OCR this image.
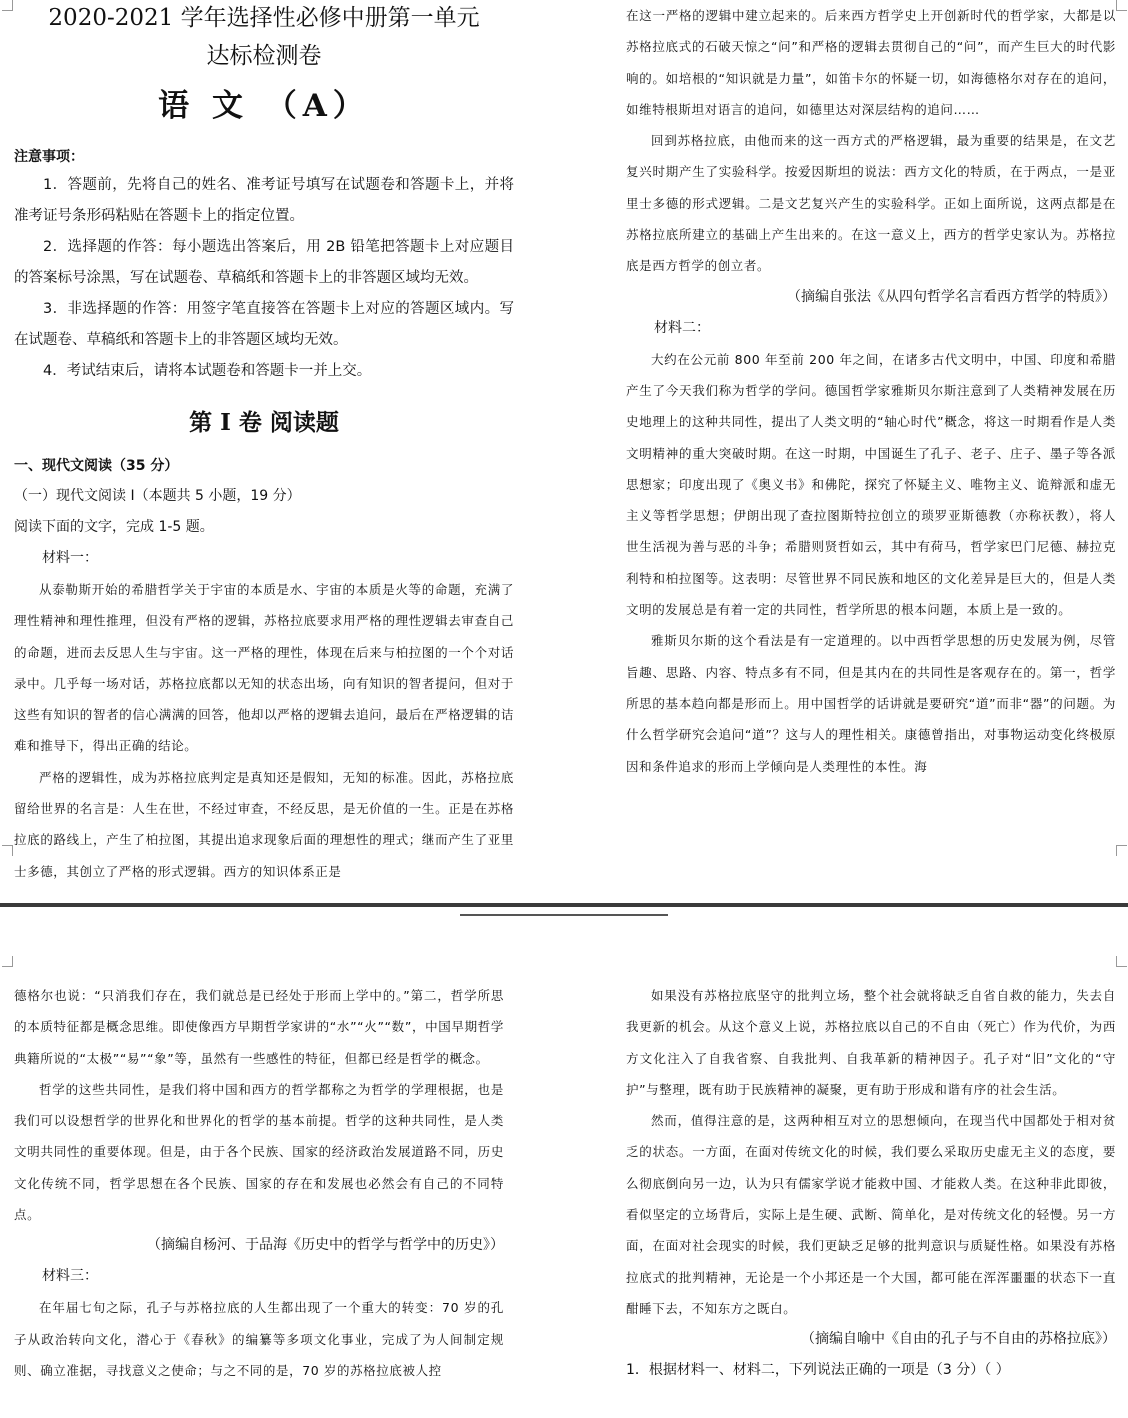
2020-2021 学年选择性必修中册第一单元

达标检测卷

语 文 （A）

注意事项：

1．答题前，先将自己的姓名、准考证号填写在试题卷和答题卡上，并将准考证号条形码粘贴在答题卡上的指定位置。

2．选择题的作答：每小题选出答案后，用 2B 铅笔把答题卡上对应题目的答案标号涂黑，写在试题卷、草稿纸和答题卡上的非答题区域均无效。

3．非选择题的作答：用签字笔直接答在答题卡上对应的答题区域内。写在试题卷、草稿纸和答题卡上的非答题区域均无效。

4．考试结束后，请将本试题卷和答题卡一并上交。

第 I 卷 阅读题

一、现代文阅读（35 分）

（一）现代文阅读 I（本题共 5 小题，19 分）

阅读下面的文字，完成 1-5 题。

材料一：

从泰勒斯开始的希腊哲学关于宇宙的本质是水、宇宙的本质是火等的命题，充满了理性精神和理性推理，但没有严格的逻辑，苏格拉底要求用严格的理性逻辑去审查自己的命题，进而去反思人生与宇宙。这一严格的理性，体现在后来与柏拉图的一个个对话录中。几乎每一场对话，苏格拉底都以无知的状态出场，向有知识的智者提问，但对于这些有知识的智者的信心满满的回答，他却以严格的逻辑去追问，最后在严格逻辑的诘难和推导下，得出正确的结论。

严格的逻辑性，成为苏格拉底判定是真知还是假知，无知的标准。因此，苏格拉底留给世界的名言是：人生在世，不经过审查，不经反思，是无价值的一生。正是在苏格拉底的路线上，产生了柏拉图，其提出追求现象后面的理想性的理式；继而产生了亚里士多德，其创立了严格的形式逻辑。西方的知识体系正是

在这一严格的逻辑中建立起来的。后来西方哲学史上开创新时代的哲学家，大都是以苏格拉底式的石破天惊之“问”和严格的逻辑去贯彻自己的“问”，而产生巨大的时代影响的。如培根的“知识就是力量”，如笛卡尔的怀疑一切，如海德格尔对存在的追问，如维特根斯坦对语言的追问，如德里达对深层结构的追问……

回到苏格拉底，由他而来的这一西方式的严格逻辑，最为重要的结果是，在文艺复兴时期产生了实验科学。按爱因斯坦的说法：西方文化的特质，在于两点，一是亚里士多德的形式逻辑。二是文艺复兴产生的实验科学。正如上面所说，这两点都是在苏格拉底所建立的基础上产生出来的。在这一意义上，西方的哲学史家认为。苏格拉底是西方哲学的创立者。

（摘编自张法《从四句哲学名言看西方哲学的特质》）

材料二：

大约在公元前 800 年至前 200 年之间，在诸多古代文明中，中国、印度和希腊产生了今天我们称为哲学的学问。德国哲学家雅斯贝尔斯注意到了人类精神发展在历史地理上的这种共同性，提出了人类文明的“轴心时代”概念，将这一时期看作是人类文明精神的重大突破时期。在这一时期，中国诞生了孔子、老子、庄子、墨子等各派思想家；印度出现了《奥义书》和佛陀，探究了怀疑主义、唯物主义、诡辩派和虚无主义等哲学思想；伊朗出现了查拉图斯特拉创立的琐罗亚斯德教（亦称祆教），将人世生活视为善与恶的斗争；希腊则贤哲如云，其中有荷马，哲学家巴门尼德、赫拉克利特和柏拉图等。这表明：尽管世界不同民族和地区的文化差异是巨大的，但是人类文明的发展总是有着一定的共同性，哲学所思的根本问题，本质上是一致的。

雅斯贝尔斯的这个看法是有一定道理的。以中西哲学思想的历史发展为例，尽管旨趣、思路、内容、特点多有不同，但是其内在的共同性是客观存在的。第一，哲学所思的基本趋向都是形而上。用中国哲学的话讲就是要研究“道”而非“器”的问题。为什么哲学研究会追问“道”？这与人的理性相关。康德曾指出，对事物运动变化终极原因和条件追求的形而上学倾向是人类理性的本性。海

德格尔也说：“只消我们存在，我们就总是已经处于形而上学中的。”第二，哲学所思的本质特征都是概念思维。即使像西方早期哲学家讲的“水”“火”“数”，中国早期哲学典籍所说的“太极”“易”“象”等，虽然有一些感性的特征，但都已经是哲学的概念。

哲学的这些共同性，是我们将中国和西方的哲学都称之为哲学的学理根据，也是我们可以设想哲学的世界化和世界化的哲学的基本前提。哲学的这种共同性，是人类文明共同性的重要体现。但是，由于各个民族、国家的经济政治发展道路不同，历史文化传统不同，哲学思想在各个民族、国家的存在和发展也必然会有自己的不同特点。

（摘编自杨河、于品海《历史中的哲学与哲学中的历史》）

材料三：

在年届七旬之际，孔子与苏格拉底的人生都出现了一个重大的转变：70 岁的孔子从政治转向文化，潜心于《春秋》的编纂等多项文化事业，完成了为人间制定规则、确立准据，寻找意义之使命；与之不同的是，70 岁的苏格拉底被人控

如果没有苏格拉底坚守的批判立场，整个社会就将缺乏自省自救的能力，失去自我更新的机会。从这个意义上说，苏格拉底以自己的不自由（死亡）作为代价，为西方文化注入了自我省察、自我批判、自我革新的精神因子。孔子对“旧”文化的“守护”与整理，既有助于民族精神的凝聚，更有助于形成和谐有序的社会生活。

然而，值得注意的是，这两种相互对立的思想倾向，在现当代中国都处于相对贫乏的状态。一方面，在面对传统文化的时候，我们要么采取历史虚无主义的态度，要么彻底倒向另一边，认为只有儒家学说才能救中国、才能救人类。在这种非此即彼，看似坚定的立场背后，实际上是生硬、武断、简单化，是对传统文化的轻慢。另一方面，在面对社会现实的时候，我们更缺乏足够的批判意识与质疑性格。如果没有苏格拉底式的批判精神，无论是一个小邦还是一个大国，都可能在浑浑噩噩的状态下一直酣睡下去，不知东方之既白。

（摘编自喻中《自由的孔子与不自由的苏格拉底》）

1．根据材料一、材料二，下列说法正确的一项是（3 分）（ ）
